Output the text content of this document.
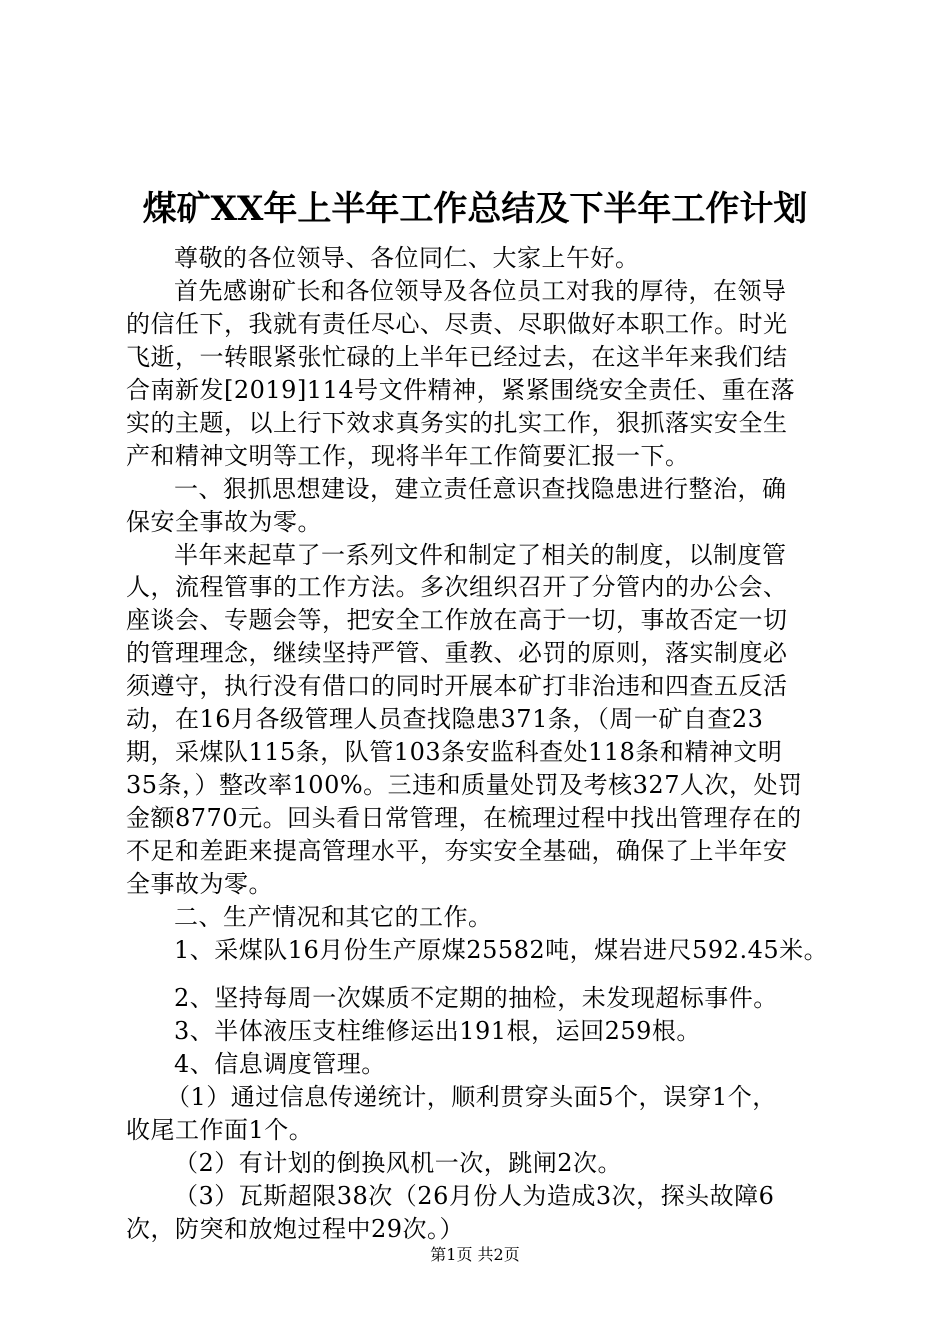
煤矿XX年上半年工作总结及下半年工作计划
尊敬的各位领导、各位同仁、大家上午好。
首先感谢矿长和各位领导及各位员工对我的厚待，在领导
的信任下，我就有责任尽心、尽责、尽职做好本职工作。时光
飞逝，一转眼紧张忙碌的上半年已经过去，在这半年来我们结
合南新发[2019]114号文件精神，紧紧围绕安全责任、重在落
实的主题，以上行下效求真务实的扎实工作，狠抓落实安全生
产和精神文明等工作，现将半年工作简要汇报一下。
一、狠抓思想建设，建立责任意识查找隐患进行整治，确
保安全事故为零。
半年来起草了一系列文件和制定了相关的制度，以制度管
人，流程管事的工作方法。多次组织召开了分管内的办公会、
座谈会、专题会等，把安全工作放在高于一切，事故否定一切
的管理理念，继续坚持严管、重教、必罚的原则，落实制度必
须遵守，执行没有借口的同时开展本矿打非治违和四查五反活
动，在16月各级管理人员查找隐患371条，（周一矿自查23
期，采煤队115条，队管103条安监科查处118条和精神文明
35条，）整改率100%。三违和质量处罚及考核327人次，处罚
金额8770元。回头看日常管理，在梳理过程中找出管理存在的
不足和差距来提高管理水平，夯实安全基础，确保了上半年安
全事故为零。
二、生产情况和其它的工作。
1、采煤队16月份生产原煤25582吨，煤岩进尺592.45米。
2、坚持每周一次媒质不定期的抽检，未发现超标事件。
3、半体液压支柱维修运出191根，运回259根。
4、信息调度管理。
（1）通过信息传递统计，顺利贯穿头面5个，误穿1个，
收尾工作面1个。
（2）有计划的倒换风机一次，跳闸2次。
（3）瓦斯超限38次（26月份人为造成3次，探头故障6
次，防突和放炮过程中29次。）
第1页 共2页
